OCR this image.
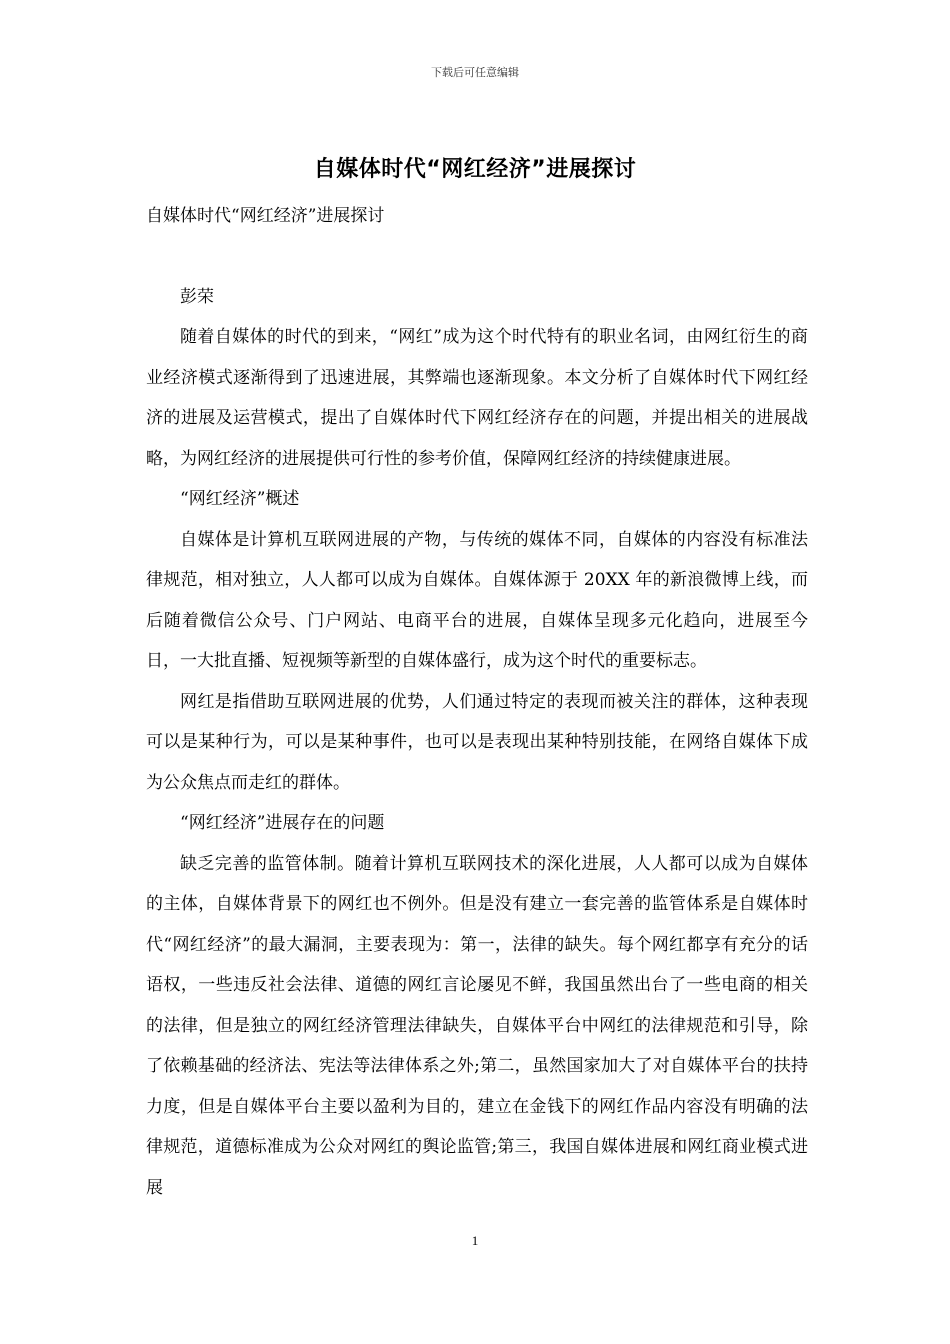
下载后可任意编辑
自媒体时代“网红经济”进展探讨

自媒体时代“网红经济”进展探讨

彭荣

随着自媒体的时代的到来，“网红”成为这个时代特有的职业名词，由网红衍生的商业经济模式逐渐得到了迅速进展，其弊端也逐渐现象。本文分析了自媒体时代下网红经济的进展及运营模式，提出了自媒体时代下网红经济存在的问题，并提出相关的进展战略，为网红经济的进展提供可行性的参考价值，保障网红经济的持续健康进展。

“网红经济”概述

自媒体是计算机互联网进展的产物，与传统的媒体不同，自媒体的内容没有标准法律规范，相对独立，人人都可以成为自媒体。自媒体源于 20XX 年的新浪微博上线，而后随着微信公众号、门户网站、电商平台的进展，自媒体呈现多元化趋向，进展至今日，一大批直播、短视频等新型的自媒体盛行，成为这个时代的重要标志。

网红是指借助互联网进展的优势，人们通过特定的表现而被关注的群体，这种表现可以是某种行为，可以是某种事件，也可以是表现出某种特别技能，在网络自媒体下成为公众焦点而走红的群体。

“网红经济”进展存在的问题

缺乏完善的监管体制。随着计算机互联网技术的深化进展，人人都可以成为自媒体的主体，自媒体背景下的网红也不例外。但是没有建立一套完善的监管体系是自媒体时代“网红经济”的最大漏洞，主要表现为：第一，法律的缺失。每个网红都享有充分的话语权，一些违反社会法律、道德的网红言论屡见不鲜，我国虽然出台了一些电商的相关的法律，但是独立的网红经济管理法律缺失，自媒体平台中网红的法律规范和引导，除了依赖基础的经济法、宪法等法律体系之外;第二，虽然国家加大了对自媒体平台的扶持力度，但是自媒体平台主要以盈利为目的，建立在金钱下的网红作品内容没有明确的法律规范，道德标准成为公众对网红的舆论监管;第三，我国自媒体进展和网红商业模式进展

1
